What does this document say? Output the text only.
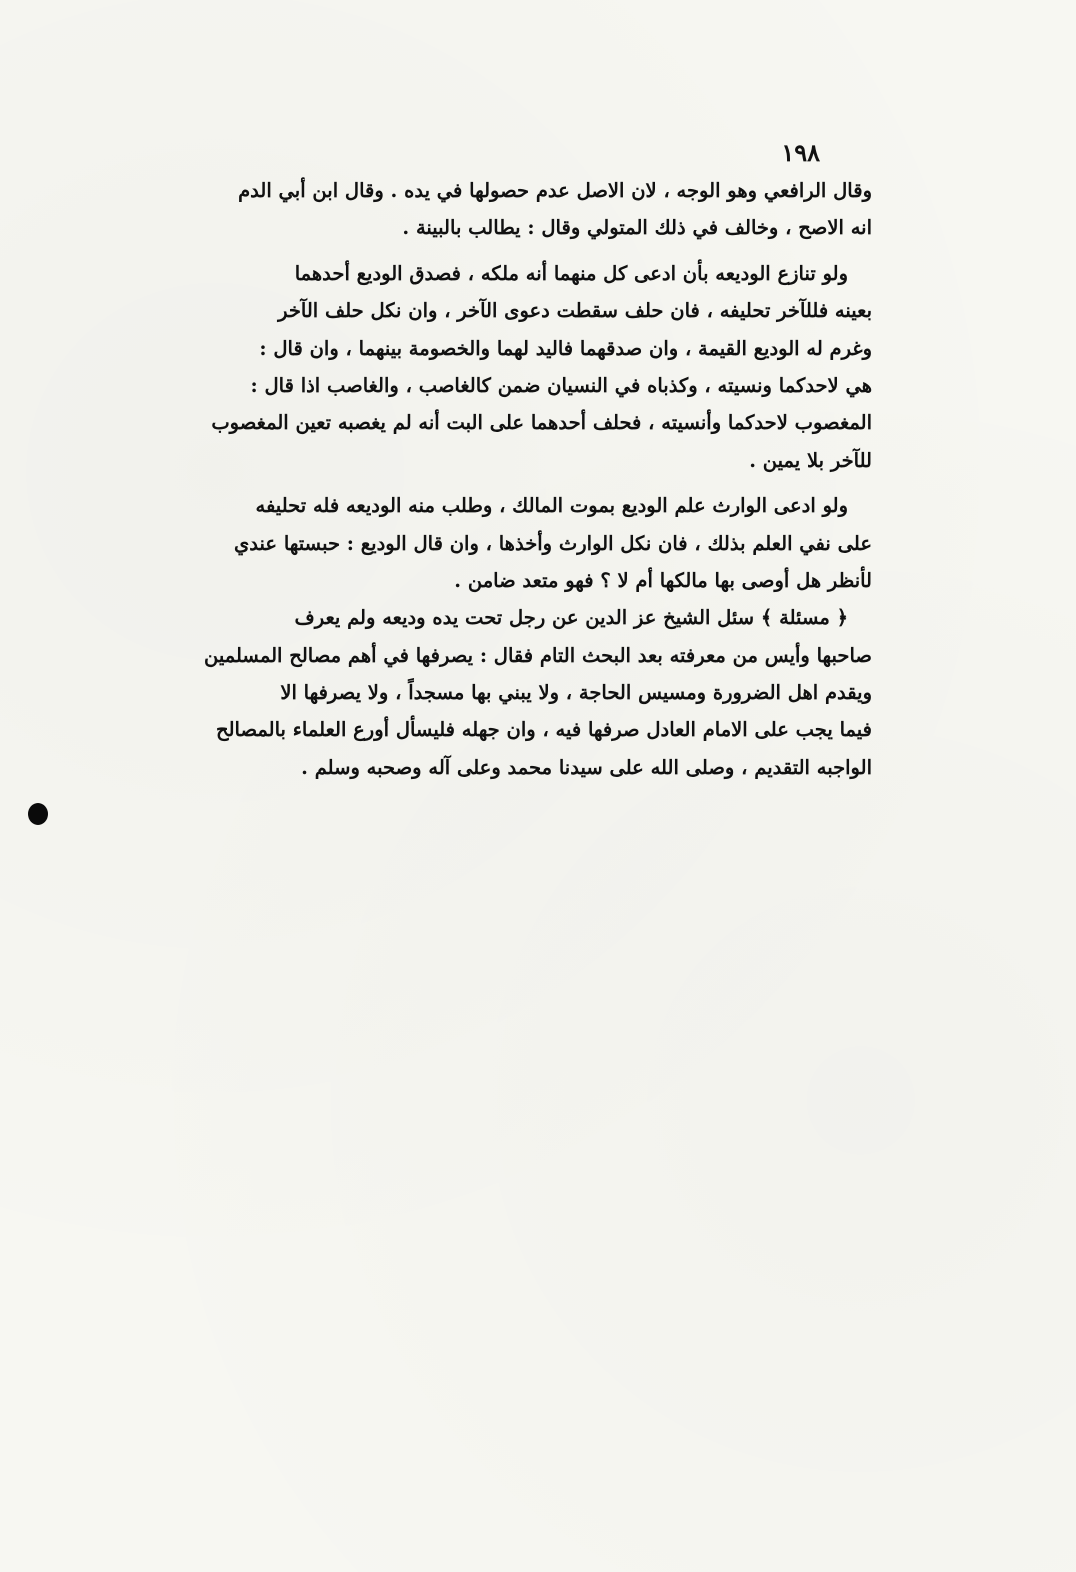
١٩٨
وقال الرافعي وهو الوجه ، لان الاصل عدم حصولها في يده . وقال ابن أبي الدم
انه الاصح ، وخالف في ذلك المتولي وقال : يطالب بالبينة .
ولو تنازع الوديعه بأن ادعى كل منهما أنه ملكه ، فصدق الوديع أحدهما
بعينه فللآخر تحليفه ، فان حلف سقطت دعوى الآخر ، وان نكل حلف الآخر
وغرم له الوديع القيمة ، وان صدقهما فاليد لهما والخصومة بينهما ، وان قال :
هي لاحدكما ونسيته ، وكذباه في النسيان ضمن كالغاصب ، والغاصب اذا قال :
المغصوب لاحدكما وأنسيته ، فحلف أحدهما على البت أنه لم يغصبه تعين المغصوب
للآخر بلا يمين .
ولو ادعى الوارث علم الوديع بموت المالك ، وطلب منه الوديعه فله تحليفه
على نفي العلم بذلك ، فان نكل الوارث وأخذها ، وان قال الوديع : حبستها عندي
لأنظر هل أوصى بها مالكها أم لا ؟ فهو متعد ضامن .
﴿ مسئلة ﴾ سئل الشيخ عز الدين عن رجل تحت يده وديعه ولم يعرف
صاحبها وأيس من معرفته بعد البحث التام فقال : يصرفها في أهم مصالح المسلمين
ويقدم اهل الضرورة ومسيس الحاجة ، ولا يبني بها مسجداً ، ولا يصرفها الا
فيما يجب على الامام العادل صرفها فيه ، وان جهله فليسأل أورع العلماء بالمصالح
الواجبه التقديم ، وصلى الله على سيدنا محمد وعلى آله وصحبه وسلم .
